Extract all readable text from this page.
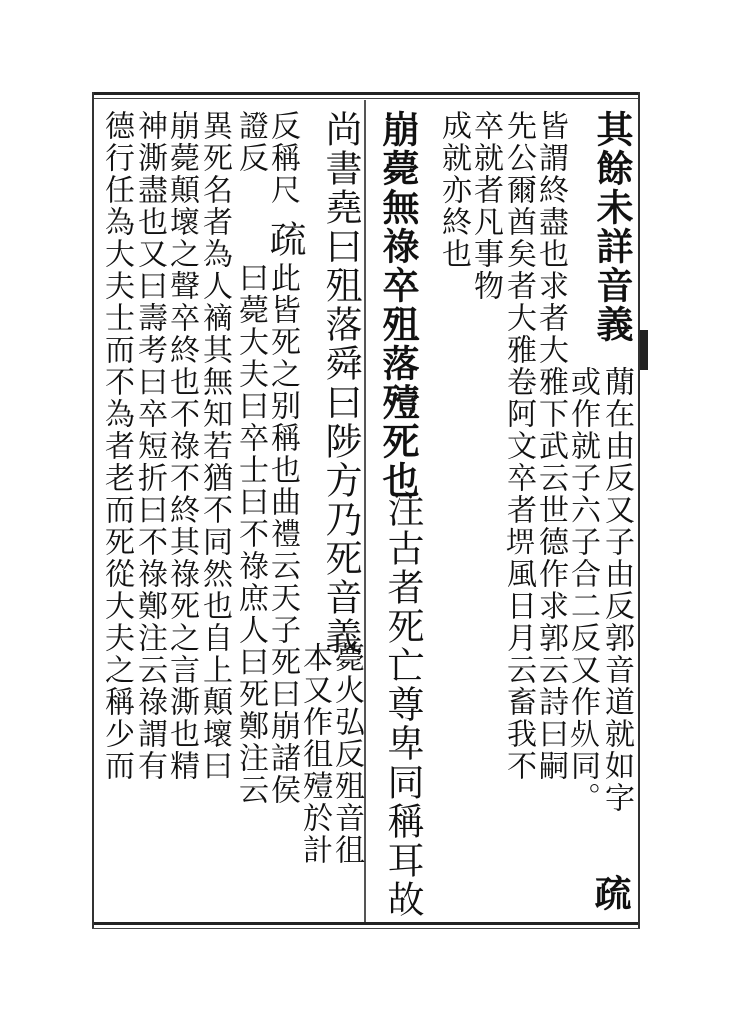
其餘未詳音義
蕑在由反又子由反郭音道就如字
或作就子六子合二反又作𣦸同。
疏
皆謂終盡也求者大雅下武云世德作求郭云詩曰嗣
先公爾酋矣者大雅卷阿文卒者𡌸風日月云畜我不
卒就者凡事物
成就亦終也
崩薨無祿卒殂落殪死也
注古者死亡尊卑同稱耳故
尚書堯曰殂落舜曰陟方乃死音義
薨火弘反殂音徂
本又作徂殪於計
反稱尺
疏
此皆死之别稱也曲禮云天子死曰崩諸侯
證反
曰薨大夫曰卒士曰不祿庶人曰死鄭注云
異死名者為人䙗其無知若猶不同然也自上顛壞曰
崩薨顛壞之聲卒終也不祿不終其祿死之言澌也精
神澌盡也又曰壽考曰卒短折曰不祿鄭注云祿謂有
德行任為大夫士而不為者老而死從大夫之稱少而
